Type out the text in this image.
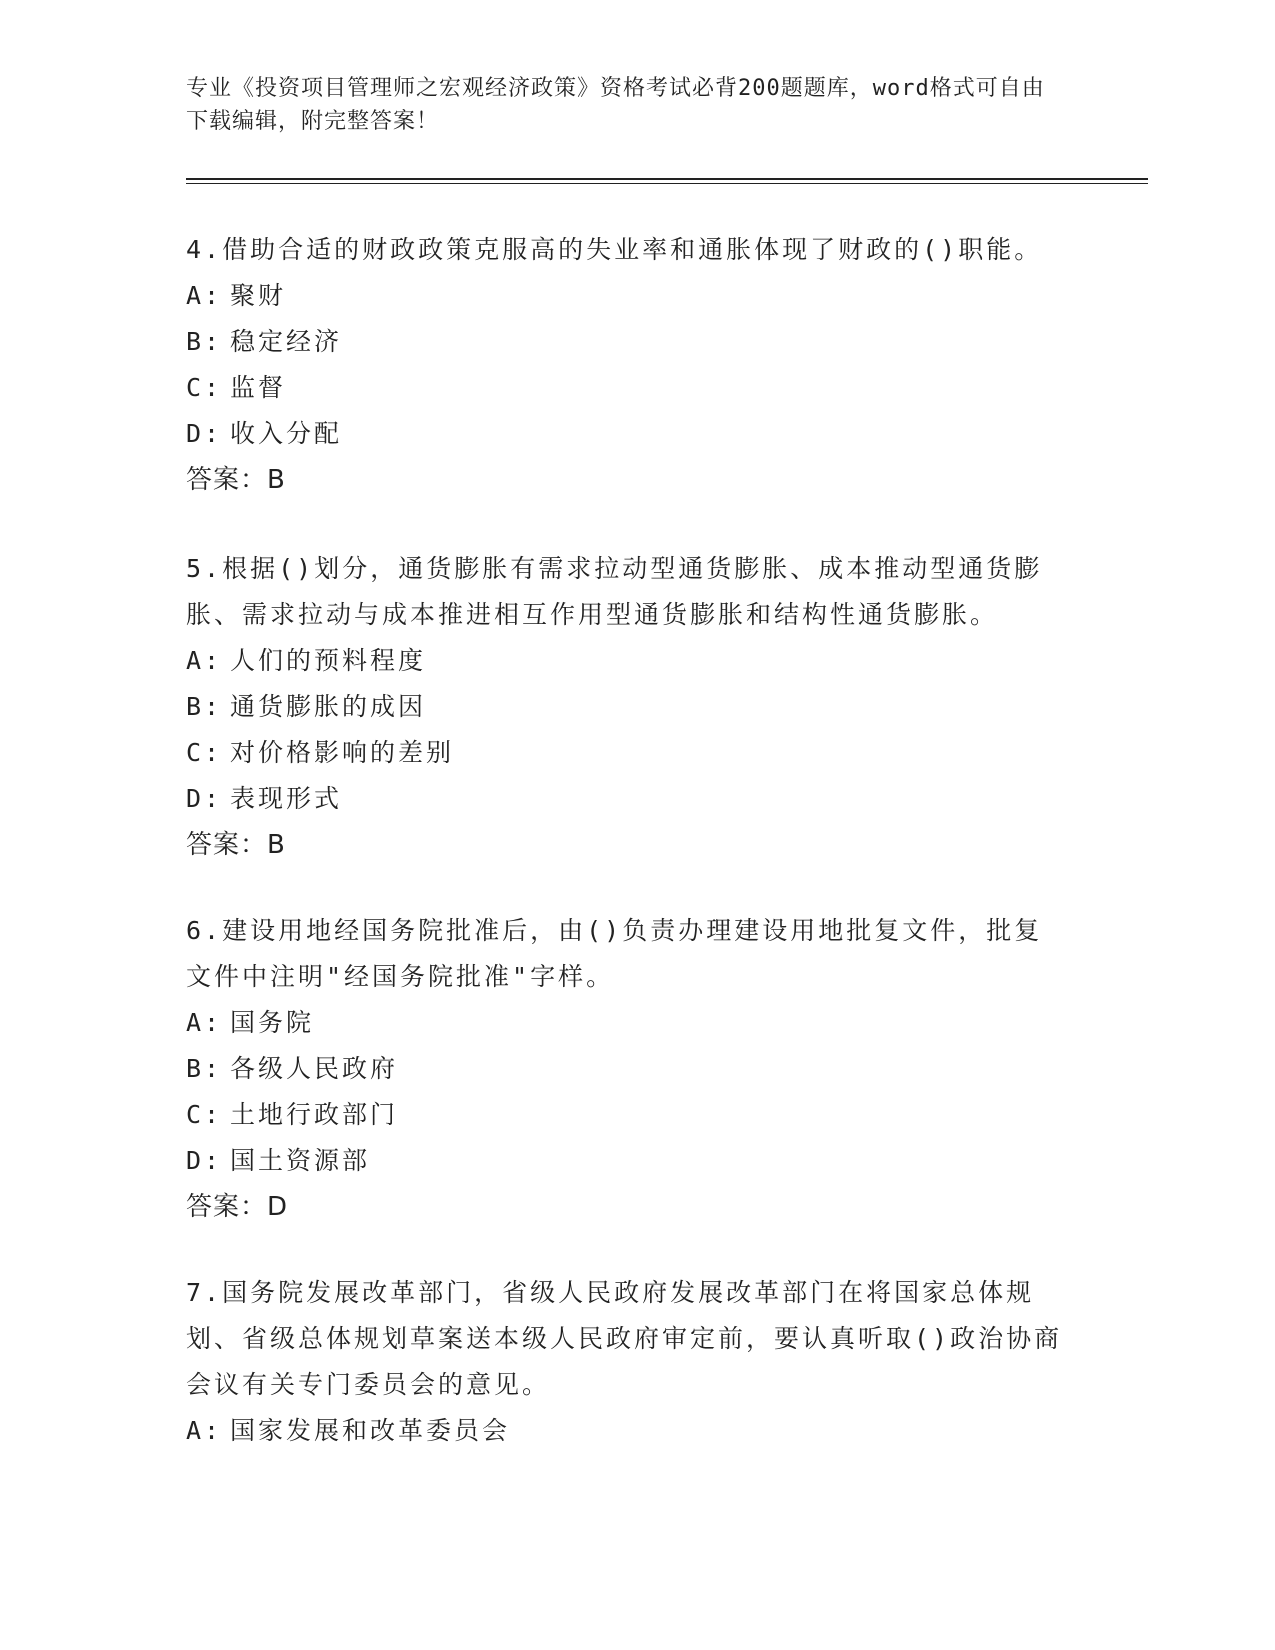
专业《投资项目管理师之宏观经济政策》资格考试必背200题题库，word格式可自由下载编辑，附完整答案！

4.借助合适的财政政策克服高的失业率和通胀体现了财政的()职能。

A: 聚财

B: 稳定经济

C: 监督

D: 收入分配

答案：B

5.根据()划分，通货膨胀有需求拉动型通货膨胀、成本推动型通货膨胀、需求拉动与成本推进相互作用型通货膨胀和结构性通货膨胀。

A: 人们的预料程度

B: 通货膨胀的成因

C: 对价格影响的差别

D: 表现形式

答案：B

6.建设用地经国务院批准后，由()负责办理建设用地批复文件，批复文件中注明"经国务院批准"字样。

A: 国务院

B: 各级人民政府

C: 土地行政部门

D: 国土资源部

答案：D

7.国务院发展改革部门，省级人民政府发展改革部门在将国家总体规划、省级总体规划草案送本级人民政府审定前，要认真听取()政治协商会议有关专门委员会的意见。

A: 国家发展和改革委员会
